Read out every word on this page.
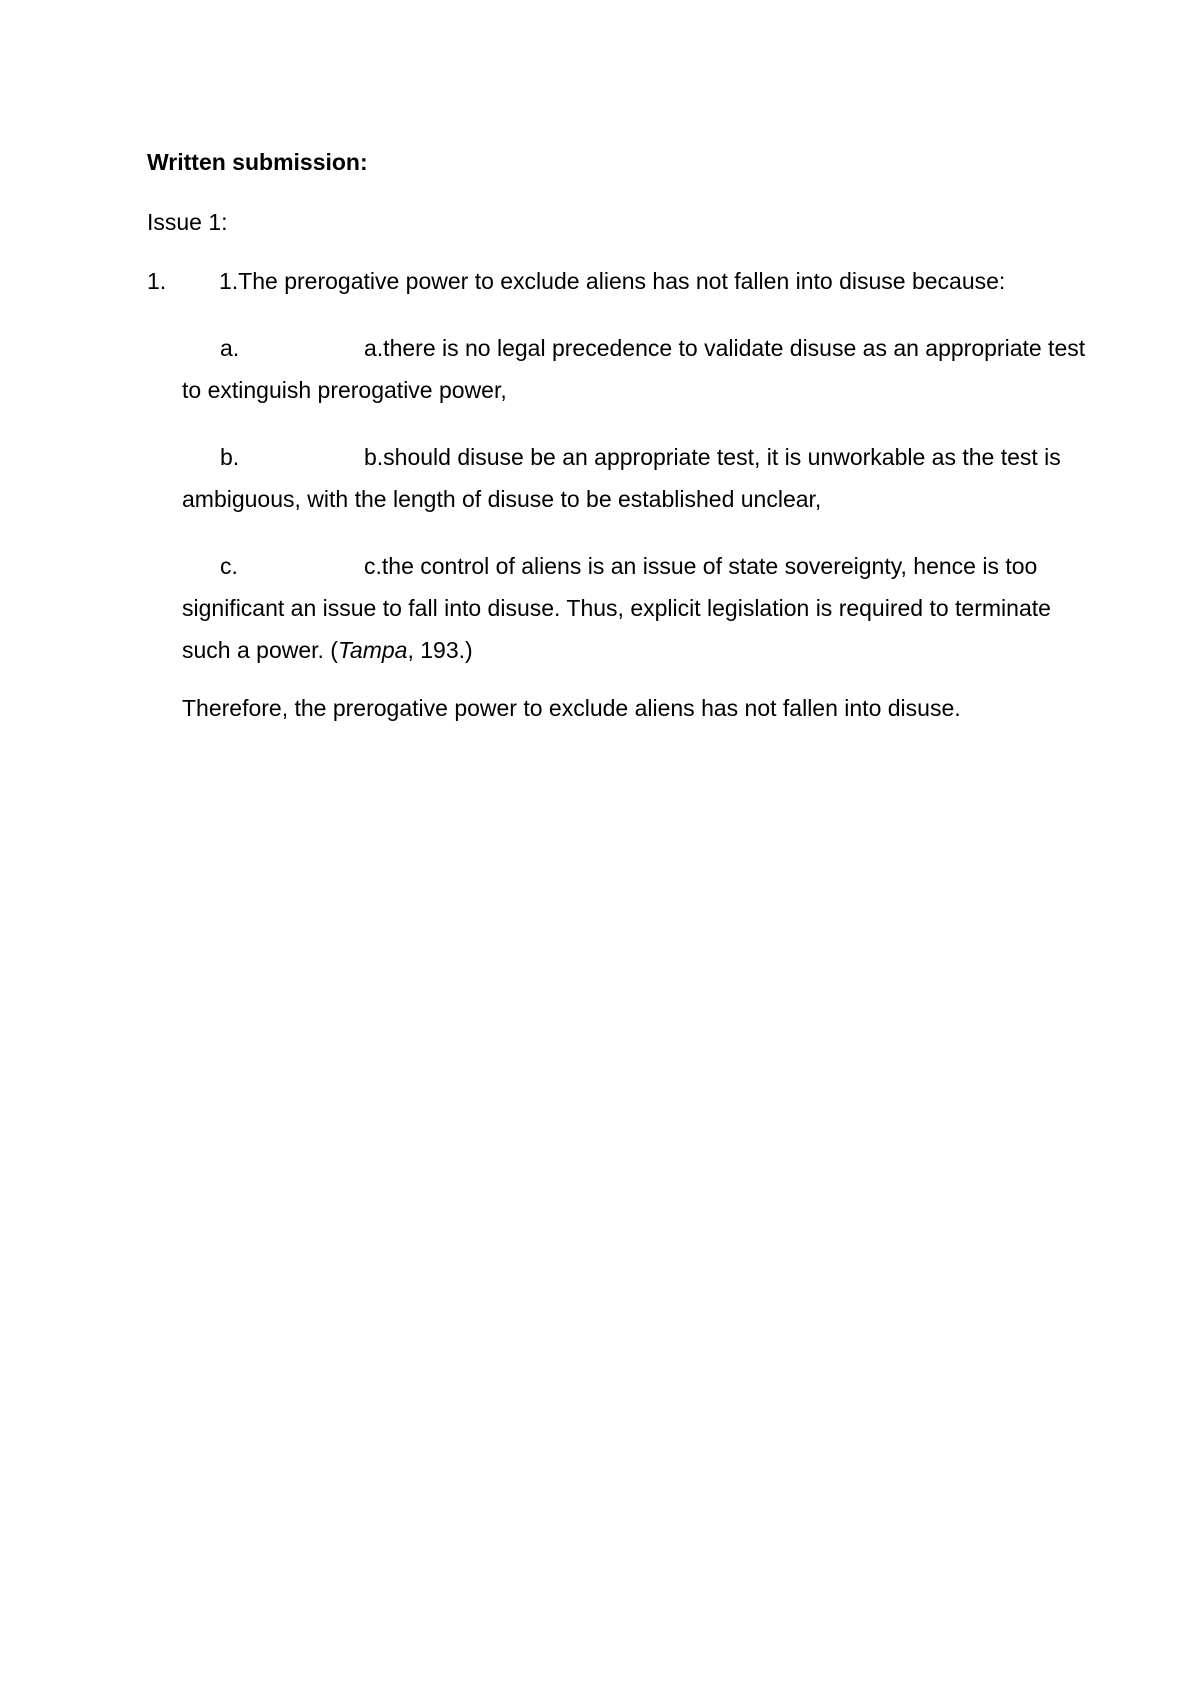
Written submission:

Issue 1:

1. 1.The prerogative power to exclude aliens has not fallen into disuse because:
a.	a.there is no legal precedence to validate disuse as an appropriate test
to extinguish prerogative power,
b.	b.should disuse be an appropriate test, it is unworkable as the test is
ambiguous, with the length of disuse to be established unclear,
c.	c.the control of aliens is an issue of state sovereignty, hence is too
significant an issue to fall into disuse. Thus, explicit legislation is required to terminate
such a power. (Tampa, 193.)
Therefore, the prerogative power to exclude aliens has not fallen into disuse.
